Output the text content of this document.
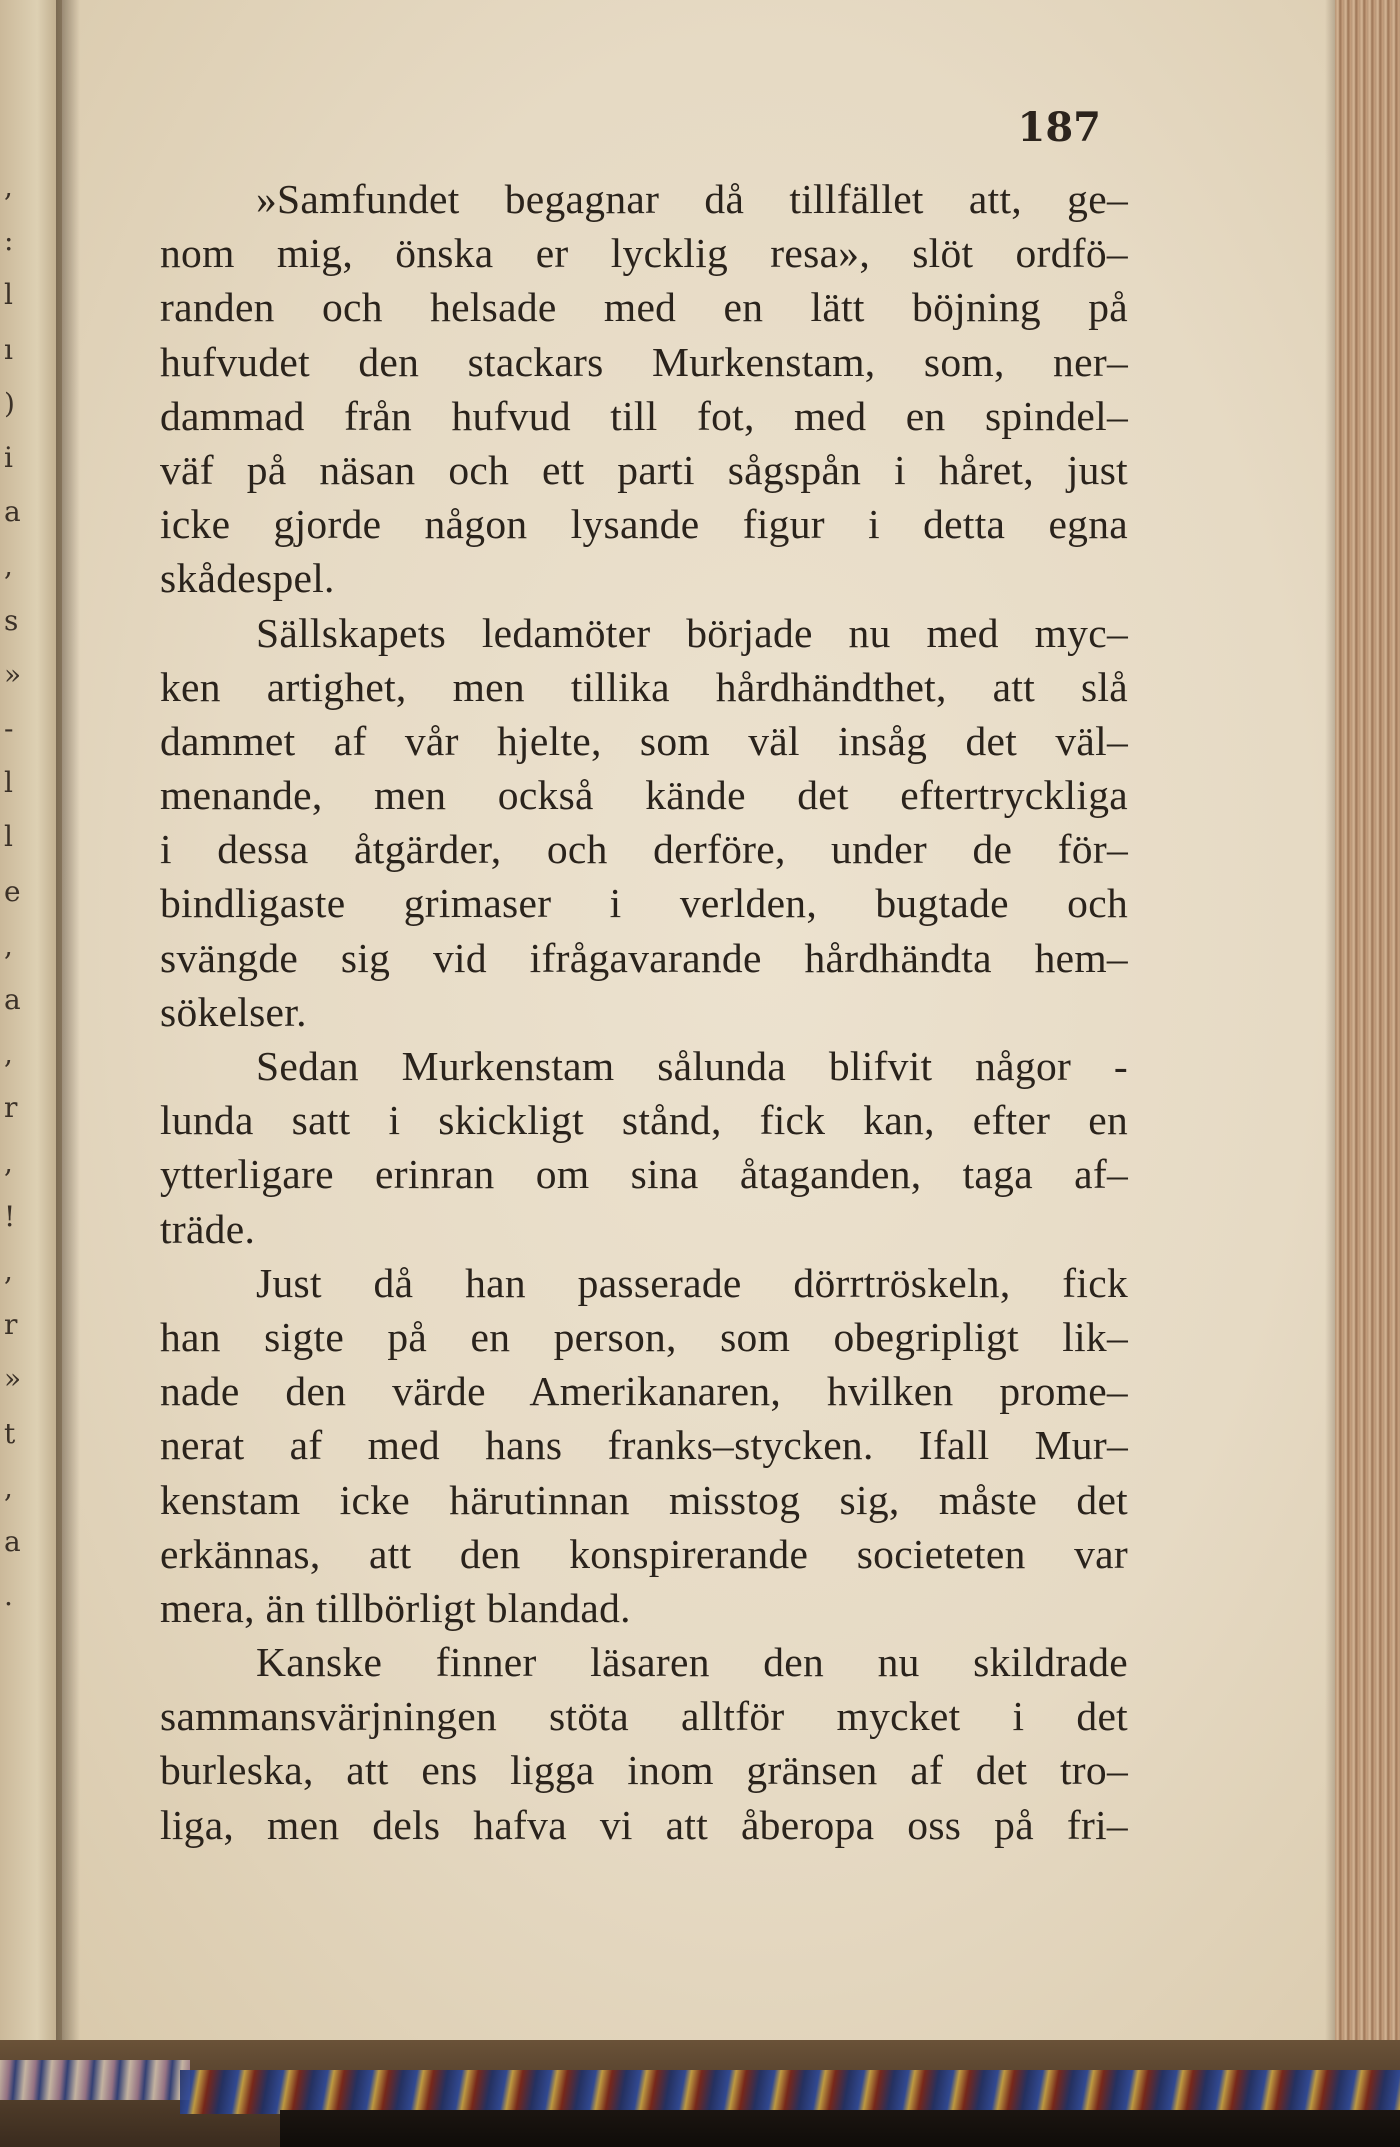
187
»Samfundet begagnar då tillfället att, ge–
nom mig, önska er lycklig resa», slöt ordfö–
randen och helsade med en lätt böjning på
hufvudet den stackars Murkenstam, som, ner–
dammad från hufvud till fot, med en spindel–
väf på näsan och ett parti sågspån i håret, just
icke gjorde någon lysande figur i detta egna
skådespel.
Sällskapets ledamöter började nu med myc–
ken artighet, men tillika hårdhändthet, att slå
dammet af vår hjelte, som väl insåg det väl–
menande, men också kände det eftertryckliga
i dessa åtgärder, och derföre, under de för–
bindligaste grimaser i verlden, bugtade och
svängde sig vid ifrågavarande hårdhändta hem–
sökelser.
Sedan Murkenstam sålunda blifvit någor -
lunda satt i skickligt stånd, fick kan, efter en
ytterligare erinran om sina åtaganden, taga af–
träde.
Just då han passerade dörrtröskeln, fick
han sigte på en person, som obegripligt lik–
nade den värde Amerikanaren, hvilken prome–
nerat af med hans franks–stycken. Ifall Mur–
kenstam icke härutinnan misstog sig, måste det
erkännas, att den konspirerande societeten var
mera, än tillbörligt blandad.
Kanske finner läsaren den nu skildrade
sammansvärjningen stöta alltför mycket i det
burleska, att ens ligga inom gränsen af det tro–
liga, men dels hafva vi att åberopa oss på fri–
,
:
l
ı
)
i
a
,
s
»
-
l
l
e
,
a
,
r
,
!
,
r
»
t
,
a
.
